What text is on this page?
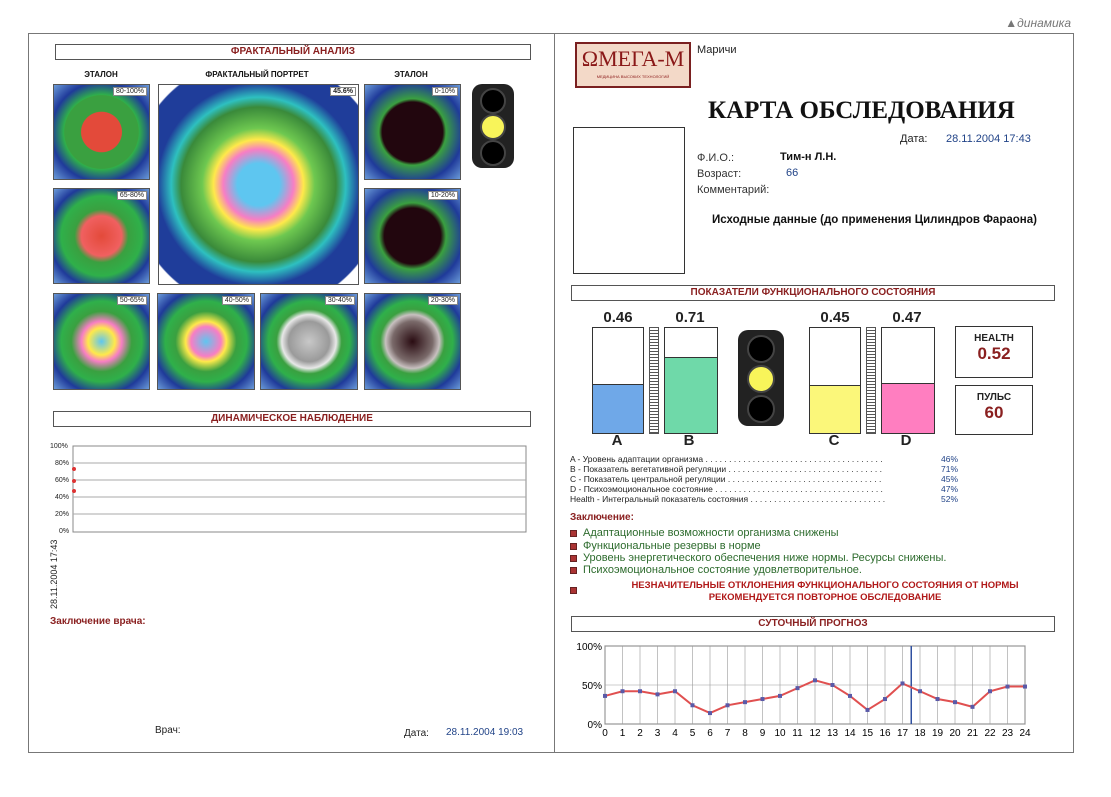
▲динамика
ФРАКТАЛЬНЫЙ АНАЛИЗ
ЭТАЛОН	ФРАКТАЛЬНЫЙ ПОРТРЕТ	ЭТАЛОН
80-100%	45.6%	0-10%
65-80%	10-20%
50-65%	40-50%	30-40%	20-30%
ДИНАМИЧЕСКОЕ НАБЛЮДЕНИЕ
100%
80%
60%
40%
20%
0%
28.11.2004 17:43
Заключение врача:
Врач:	Дата: 28.11.2004 19:03
ΩМЕГА-М
МЕДИЦИНА ВЫСОКИХ ТЕХНОЛОГИЙ
Маричи
КАРТА ОБСЛЕДОВАНИЯ
Дата: 28.11.2004 17:43
Ф.И.О.:	Тим-н Л.Н.
Возраст:	66
Комментарий:
Исходные данные (до применения Цилиндров Фараона)
ПОКАЗАТЕЛИ ФУНКЦИОНАЛЬНОГО СОСТОЯНИЯ
0.46
A
0.71
B
0.45
C
0.47
D
HEALTH
0.52
ПУЛЬС
60
A - Уровень адаптации организма . . . . . . . . . . . . . . . . . . . . . . . . . . . . . . . . . . . . . .	46%
B - Показатель вегетативной регуляции . . . . . . . . . . . . . . . . . . . . . . . . . . . . . . . . .	71%
C - Показатель центральной регуляции . . . . . . . . . . . . . . . . . . . . . . . . . . . . . . . . .	45%
D - Психоэмоциональное состояние . . . . . . . . . . . . . . . . . . . . . . . . . . . . . . . . . . . .	47%
Health - Интегральный показатель состояния . . . . . . . . . . . . . . . . . . . . . . . . . . . . .	52%
Заключение:
Адаптационные возможности организма снижены
Функциональные резервы в норме
Уровень энергетического обеспечения ниже нормы. Ресурсы снижены.
Психоэмоциональное состояние удовлетворительное.
НЕЗНАЧИТЕЛЬНЫЕ ОТКЛОНЕНИЯ ФУНКЦИОНАЛЬНОГО СОСТОЯНИЯ ОТ НОРМЫ
РЕКОМЕНДУЕТСЯ ПОВТОРНОЕ ОБСЛЕДОВАНИЕ
СУТОЧНЫЙ ПРОГНОЗ
0 1 2 3 4 5 6 7 8 9 10 11 12 13 14 15 16 17 18 19 20 21 22 23 24
100%
50%
0%
